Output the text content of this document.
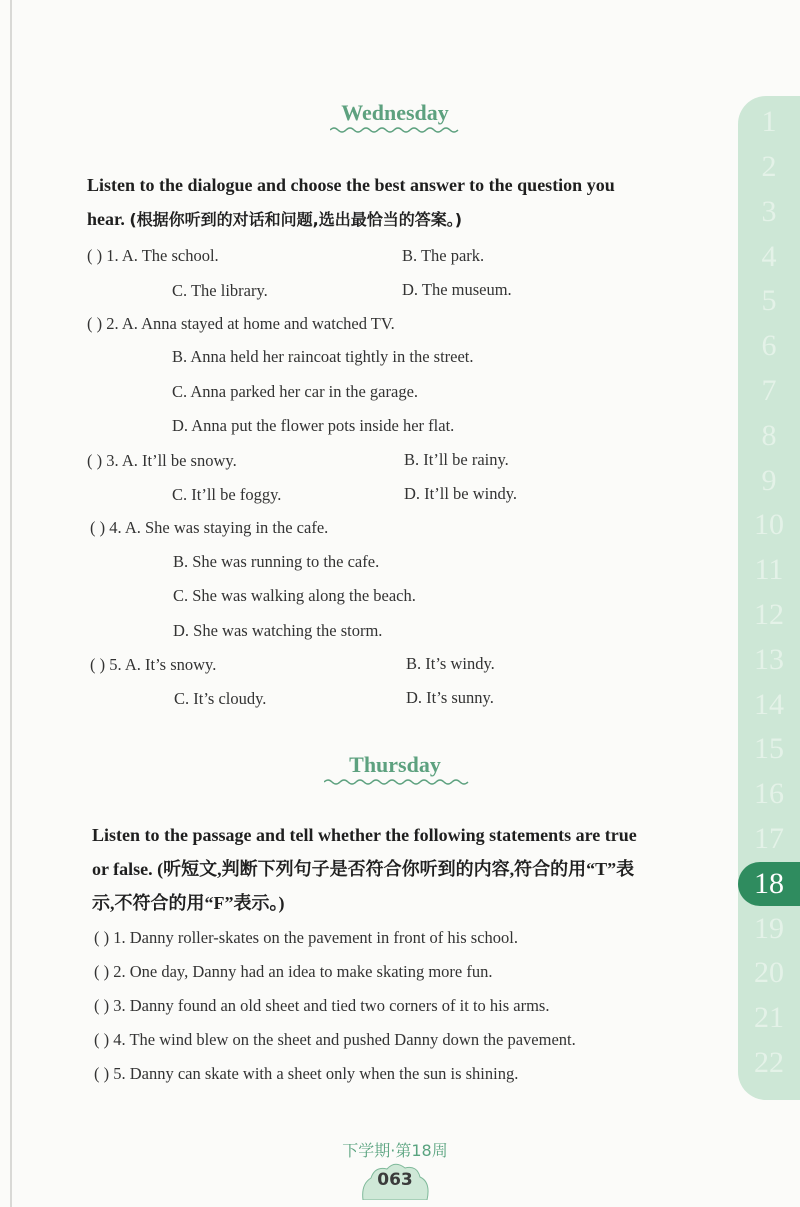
Wednesday
Listen to the dialogue and choose the best answer to the question you
hear. (根据你听到的对话和问题,选出最恰当的答案。)
( ) 1. A. The school.	B. The park.
C. The library.	D. The museum.
( ) 2. A. Anna stayed at home and watched TV.
B. Anna held her raincoat tightly in the street.
C. Anna parked her car in the garage.
D. Anna put the flower pots inside her flat.
( ) 3. A. It’ll be snowy.	B. It’ll be rainy.
C. It’ll be foggy.	D. It’ll be windy.
( ) 4. A. She was staying in the cafe.
B. She was running to the cafe.
C. She was walking along the beach.
D. She was watching the storm.
( ) 5. A. It’s snowy.	B. It’s windy.
C. It’s cloudy.	D. It’s sunny.
Thursday
Listen to the passage and tell whether the following statements are true
or false. (听短文,判断下列句子是否符合你听到的内容,符合的用“T”表
示,不符合的用“F”表示。)
( ) 1. Danny roller-skates on the pavement in front of his school.
( ) 2. One day, Danny had an idea to make skating more fun.
( ) 3. Danny found an old sheet and tied two corners of it to his arms.
( ) 4. The wind blew on the sheet and pushed Danny down the pavement.
( ) 5. Danny can skate with a sheet only when the sun is shining.
1
2
3
4
5
6
7
8
9
10
11
12
13
14
15
16
17
18
19
20
21
22
下学期·第18周
063
